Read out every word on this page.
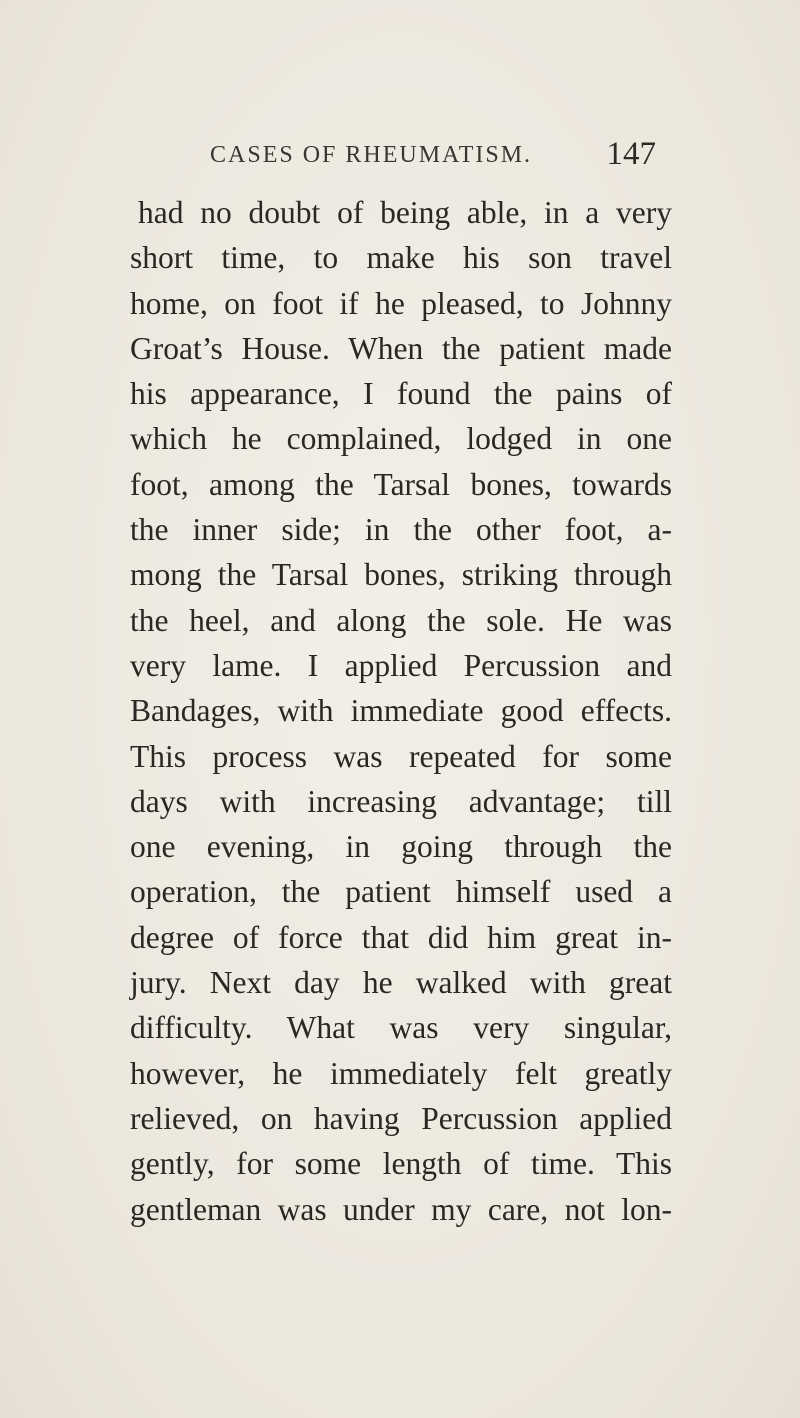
CASES OF RHEUMATISM. 147
had no doubt of being able, in a very
short time, to make his son travel
home, on foot if he pleased, to Johnny
Groat’s House. When the patient made
his appearance, I found the pains of
which he complained, lodged in one
foot, among the Tarsal bones, towards
the inner side; in the other foot, a-
mong the Tarsal bones, striking through
the heel, and along the sole. He was
very lame. I applied Percussion and
Bandages, with immediate good effects.
This process was repeated for some
days with increasing advantage; till
one evening, in going through the
operation, the patient himself used a
degree of force that did him great in-
jury. Next day he walked with great
difficulty. What was very singular,
however, he immediately felt greatly
relieved, on having Percussion applied
gently, for some length of time. This
gentleman was under my care, not lon-
